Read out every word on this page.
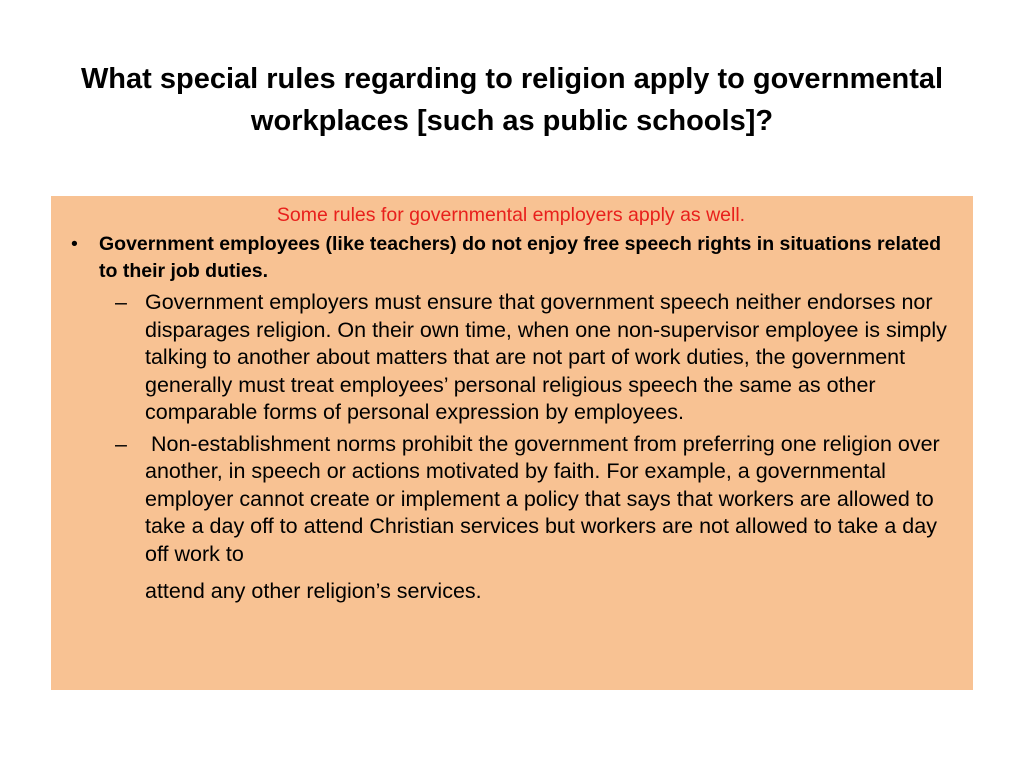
What special rules regarding to religion apply to governmental workplaces [such as public schools]?
Some rules for governmental employers apply as well.
• Government employees (like teachers) do not enjoy free speech rights in situations related to their job duties.
– Government employers must ensure that government speech neither endorses nor disparages religion. On their own time, when one non-supervisor employee is simply talking to another about matters that are not part of work duties, the government generally must treat employees’ personal religious speech the same as other comparable forms of personal expression by employees.
– Non-establishment norms prohibit the government from preferring one religion over another, in speech or actions motivated by faith. For example, a governmental employer cannot create or implement a policy that says that workers are allowed to take a day off to attend Christian services but workers are not allowed to take a day off work to
attend any other religion’s services.
